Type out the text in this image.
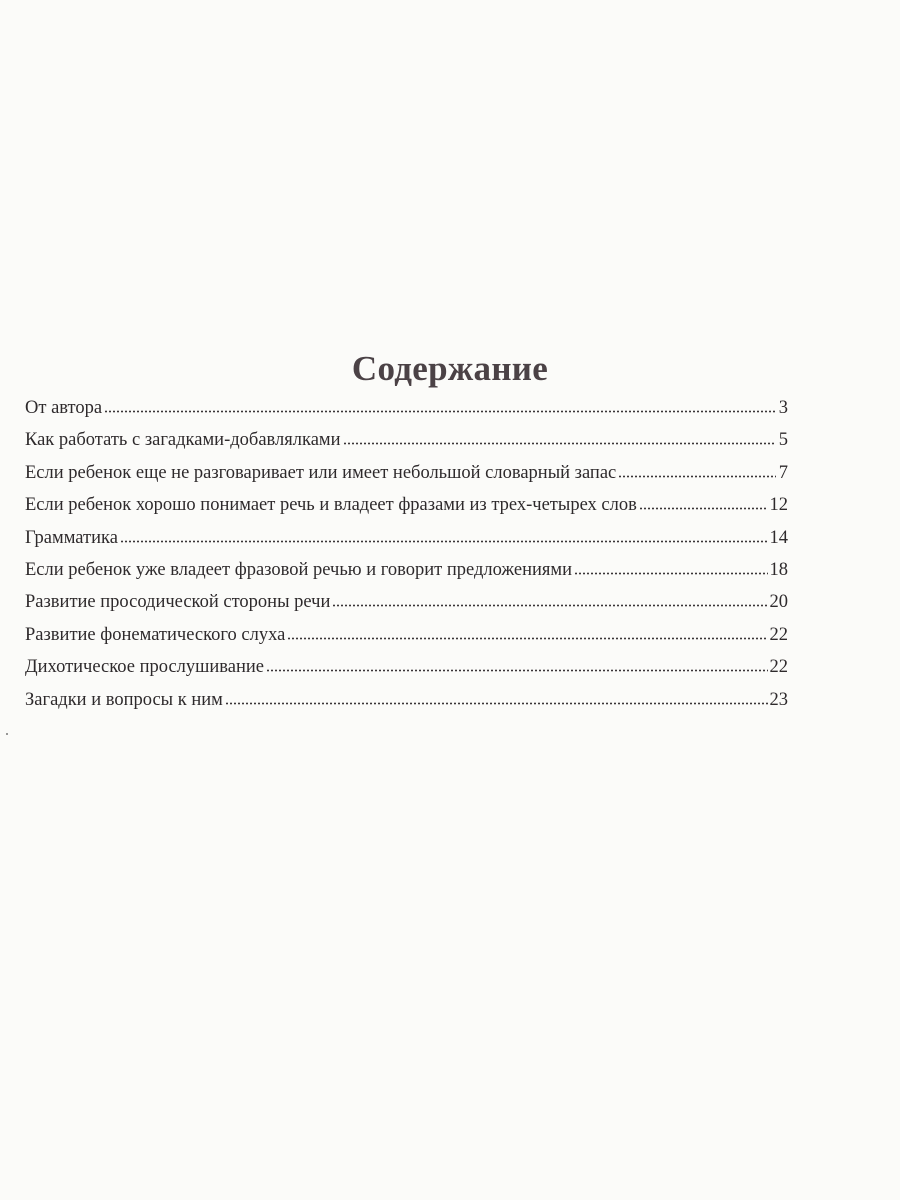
Содержание
От автора	3
Как работать с загадками-добавлялками	5
Если ребенок еще не разговаривает или имеет небольшой словарный запас	7
Если ребенок хорошо понимает речь и владеет фразами из трех-четырех слов	12
Грамматика	14
Если ребенок уже владеет фразовой речью и говорит предложениями	18
Развитие просодической стороны речи	20
Развитие фонематического слуха	22
Дихотическое прослушивание	22
Загадки и вопросы к ним	23
